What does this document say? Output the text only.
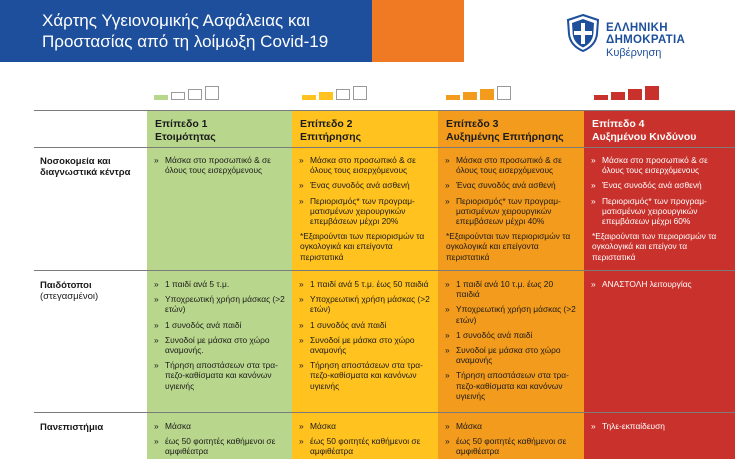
Χάρτης Υγειονομικής Ασφάλειας και
Προστασίας από τη λοίμωξη Covid-19
ΕΛΛΗΝΙΚΗ ΔΗΜΟΚΡΑΤΙΑ
Κυβέρνηση
Νοσοκομεία και
διαγνωστικά κέντρα
Παιδότοποι
(στεγασμένοι)
Πανεπιστήμια
Επίπεδο 1
Ετοιμότητας

» Μάσκα στο προσωπικό & σε όλους τους εισερχόμενους

» 1 παιδί ανά 5 τ.μ.

» Υποχρεωτική χρήση μάσκας (>2 ετών)

» 1 συνοδός ανά παιδί

» Συνοδοί με μάσκα στο χώρο αναμονής.

» Τήρηση αποστάσεων στα τρα-πεζο-καθίσματα και κανόνων υγιεινής

» Μάσκα

» έως 50 φοιτητές καθήμενοι σε αμφιθέατρα

Επίπεδο 2
Επιτήρησης

» Μάσκα στο προσωπικό & σε όλους τους εισερχόμενους

» Ένας συνοδός ανά ασθενή

» Περιορισμός* των προγραμ-ματισμένων χειρουργικών επεμβάσεων μέχρι 20%

*Εξαιρούνται των περιορισμών τα ογκολογικά και επείγοντα περιστατικά

» 1 παιδί ανά 5 τ.μ. έως 50 παιδιά

» Υποχρεωτική χρήση μάσκας (>2 ετών)

» 1 συνοδός ανά παιδί

» Συνοδοί με μάσκα στο χώρο αναμονής

» Τήρηση αποστάσεων στα τρα-πεζο-καθίσματα και κανόνων υγιεινής

» Μάσκα

» έως 50 φοιτητές καθήμενοι σε αμφιθέατρα

Επίπεδο 3
Αυξημένης Επιτήρησης

» Μάσκα στο προσωπικό & σε όλους τους εισερχόμενους

» Ένας συνοδός ανά ασθενή

» Περιορισμός* των προγραμ-ματισμένων χειρουργικών επεμβάσεων μέχρι 40%

*Εξαιρούνται των περιορισμών τα ογκολογικά και επείγοντα περιστατικά

» 1 παιδί ανά 10 τ.μ. έως 20 παιδιά

» Υποχρεωτική χρήση μάσκας (>2 ετών)

» 1 συνοδός ανά παιδί

» Συνοδοί με μάσκα στο χώρο αναμονής

» Τήρηση αποστάσεων στα τρα-πεζο-καθίσματα και κανόνων υγιεινής

» Μάσκα

» έως 50 φοιτητές καθήμενοι σε αμφιθέατρα

Επίπεδο 4
Αυξημένου Κινδύνου

» Μάσκα στο προσωπικό & σε όλους τους εισερχόμενους

» Ένας συνοδός ανά ασθενή

» Περιορισμός* των προγραμ-ματισμένων χειρουργικών επεμβάσεων μέχρι 60%

*Εξαιρούνται των περιορισμών τα ογκολογικά και επείγον τα περιστατικά

» ΑΝΑΣΤΟΛΗ λειτουργίας

» Τηλε-εκπαίδευση
